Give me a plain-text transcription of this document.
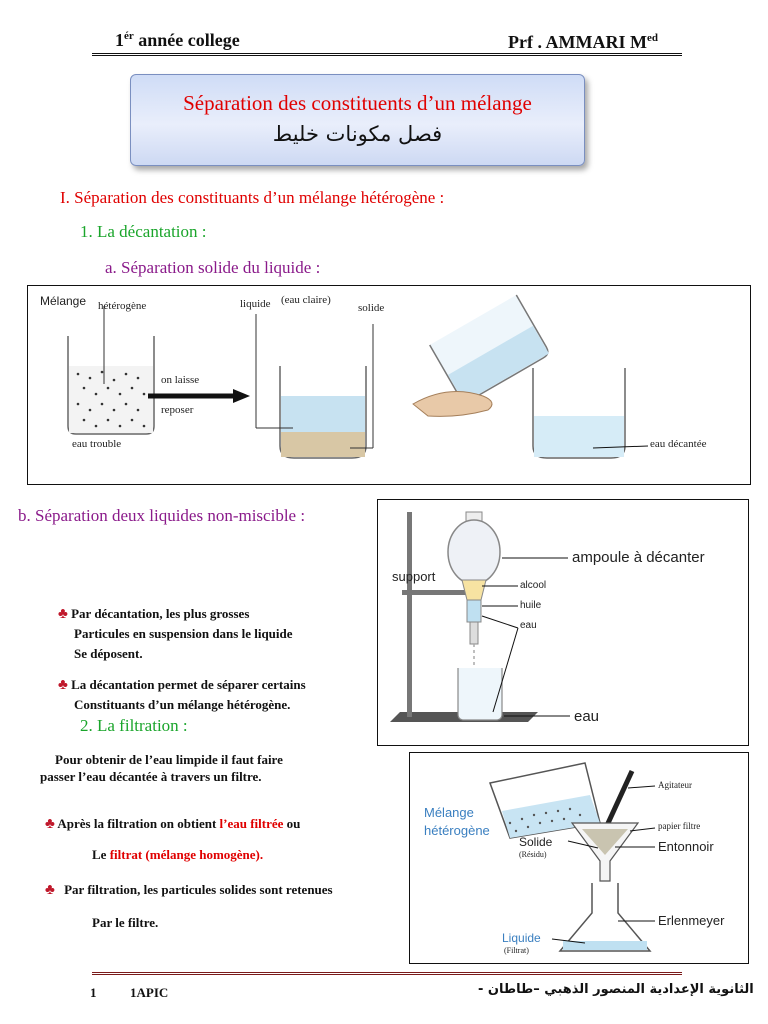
$1^{ér}$ année college	Prf . AMMARI $M^{ed}$
Séparation des constituents d’un mélange
فصل مكونات خليط
I. Séparation des constituants d’un mélange hétérogène :
1. La décantation :
a. Séparation solide du liquide :
Mélange hétérogène
eau trouble
on laisse
reposer
liquide (eau claire)
solide
eau décantée
b. Séparation deux liquides non-miscible :
ampoule à décanter
support
alcool
huile
eau
eau
♣ Par décantation, les plus grosses
Particules en suspension dans le liquide
Se déposent.
♣ La décantation permet de séparer certains
Constituants d’un mélange hétérogène.
2. La filtration :
Pour obtenir de l’eau limpide il faut faire
passer l’eau décantée à travers un filtre.
♣ Après la filtration on obtient l’eau filtrée ou
Le filtrat (mélange homogène).
♣ Par filtration, les particules solides sont retenues
Par le filtre.
Agitateur
Mélange
hétérogène	papier filtre
Solide
(Résidu)
Entonnoir
Erlenmeyer
Liquide
(Filtrat)
1	1APIC	الثانوية الإعدادية المنصور الذهبي –طاطان -
